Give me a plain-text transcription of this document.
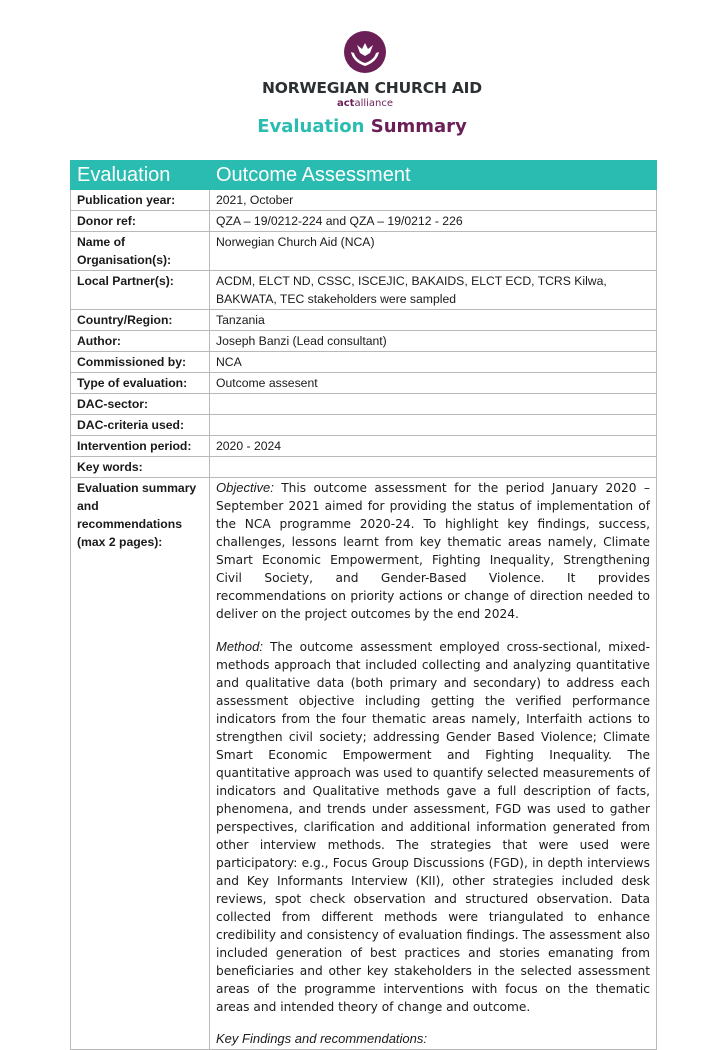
NORWEGIAN CHURCH AID
actalliance
Evaluation Summary
Evaluation	Outcome Assessment
Publication year:	2021, October
Donor ref:	QZA – 19/0212-224 and QZA – 19/0212 - 226
Name of Organisation(s):	Norwegian Church Aid (NCA)
Local Partner(s):	ACDM, ELCT ND, CSSC, ISCEJIC, BAKAIDS, ELCT ECD, TCRS Kilwa, BAKWATA, TEC stakeholders were sampled
Country/Region:	Tanzania
Author:	Joseph Banzi (Lead consultant)
Commissioned by:	NCA
Type of evaluation:	Outcome assesent
DAC-sector:	
DAC-criteria used:	
Intervention period:	2020 - 2024
Key words:	
Evaluation summary and recommendations (max 2 pages):	Objective: This outcome assessment for the period January 2020 – September 2021 aimed for providing the status of implementation of the NCA programme 2020-24. To highlight key findings, success, challenges, lessons learnt from key thematic areas namely, Climate Smart Economic Empowerment, Fighting Inequality, Strengthening Civil Society, and Gender-Based Violence. It provides recommendations on priority actions or change of direction needed to deliver on the project outcomes by the end 2024.

Method: The outcome assessment employed cross-sectional, mixed-methods approach that included collecting and analyzing quantitative and qualitative data (both primary and secondary) to address each assessment objective including getting the verified performance indicators from the four thematic areas namely, Interfaith actions to strengthen civil society; addressing Gender Based Violence; Climate Smart Economic Empowerment and Fighting Inequality. The quantitative approach was used to quantify selected measurements of indicators and Qualitative methods gave a full description of facts, phenomena, and trends under assessment, FGD was used to gather perspectives, clarification and additional information generated from other interview methods. The strategies that were used were participatory: e.g., Focus Group Discussions (FGD), in depth interviews and Key Informants Interview (KII), other strategies included desk reviews, spot check observation and structured observation. Data collected from different methods were triangulated to enhance credibility and consistency of evaluation findings. The assessment also included generation of best practices and stories emanating from beneficiaries and other key stakeholders in the selected assessment areas of the programme interventions with focus on the thematic areas and intended theory of change and outcome.

Key Findings and recommendations:
